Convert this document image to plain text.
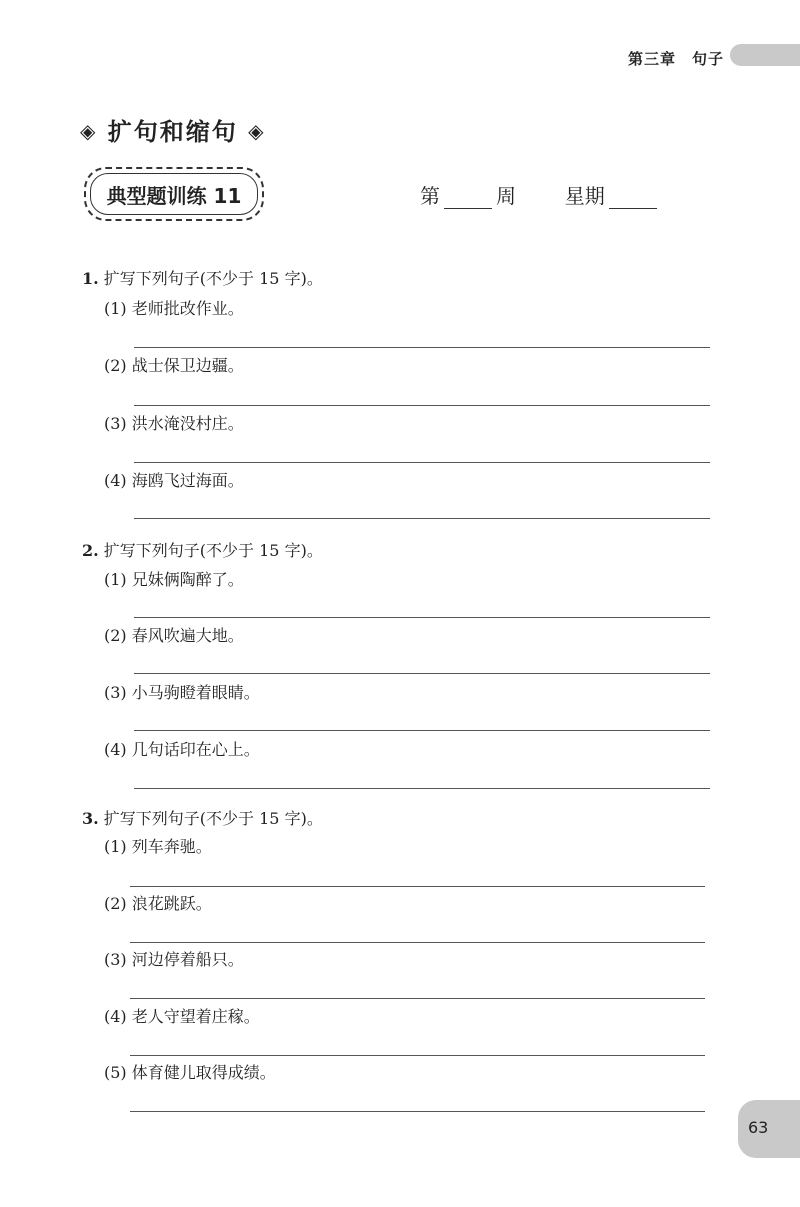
第三章　句子
◈ 扩句和缩句 ◈
典型题训练 11	第	周 星期
1. 扩写下列句子(不少于 15 字)。
(1) 老师批改作业。
(2) 战士保卫边疆。
(3) 洪水淹没村庄。
(4) 海鸥飞过海面。
2. 扩写下列句子(不少于 15 字)。
(1) 兄妹俩陶醉了。
(2) 春风吹遍大地。
(3) 小马驹瞪着眼睛。
(4) 几句话印在心上。
3. 扩写下列句子(不少于 15 字)。
(1) 列车奔驰。
(2) 浪花跳跃。
(3) 河边停着船只。
(4) 老人守望着庄稼。
(5) 体育健儿取得成绩。
63
